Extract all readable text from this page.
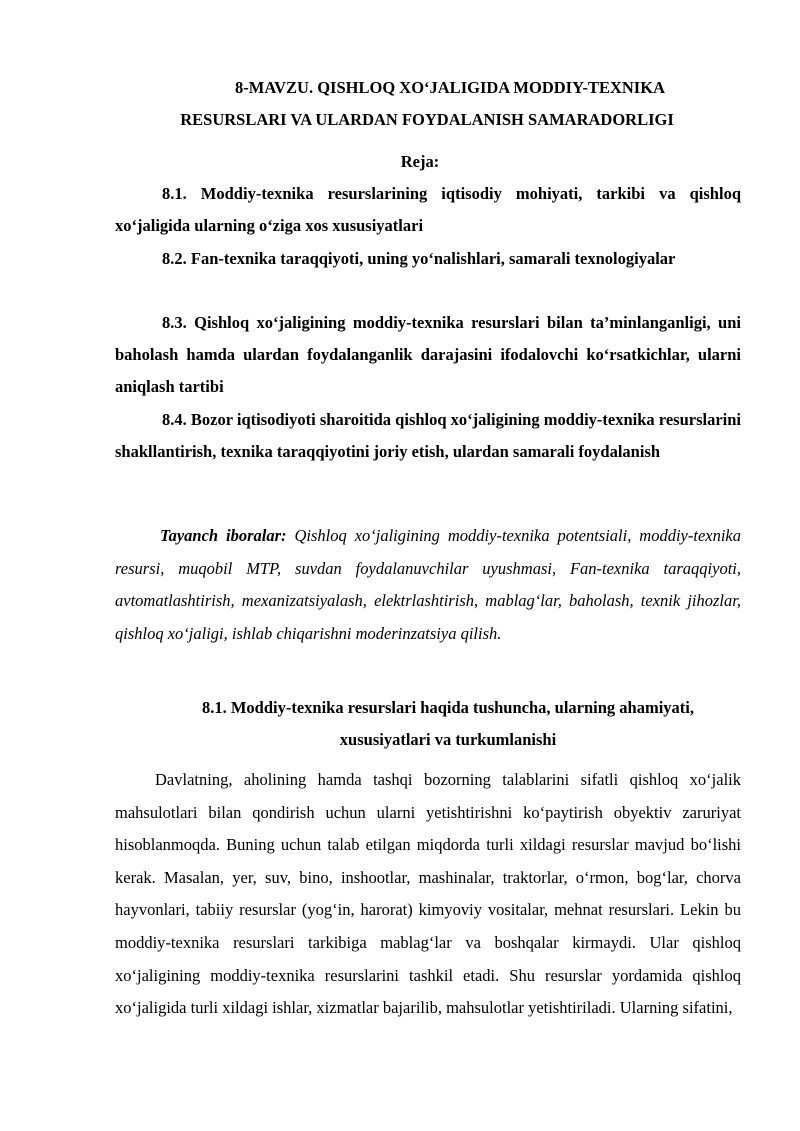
8-MAVZU. QISHLOQ XOʻJALIGIDA MODDIY-TEXNIKA
RESURSLARI VA ULARDAN FOYDALANISH SAMARADORLIGI
Reja:
8.1. Moddiy-texnika resurslarining iqtisodiy mohiyati, tarkibi va qishloq xoʻjaligida ularning oʻziga xos xususiyatlari
8.2. Fan-texnika taraqqiyoti, uning yoʻnalishlari, samarali texnologiyalar
8.3. Qishloq xoʻjaligining moddiy-texnika resurslari bilan ta’minlanganligi, uni baholash hamda ulardan foydalanganlik darajasini ifodalovchi koʻrsatkichlar, ularni aniqlash tartibi
8.4. Bozor iqtisodiyoti sharoitida qishloq xoʻjaligining moddiy-texnika resurslarini shakllantirish, texnika taraqqiyotini joriy etish, ulardan samarali foydalanish
Tayanch iboralar: Qishloq xoʻjaligining moddiy-texnika potentsiali, moddiy-texnika resursi, muqobil MTP, suvdan foydalanuvchilar uyushmasi, Fan-texnika taraqqiyoti, avtomatlashtirish, mexanizatsiyalash, elektrlashtirish, mablagʻlar, baholash, texnik jihozlar, qishloq xoʻjaligi, ishlab chiqarishni moderinzatsiya qilish.
8.1. Moddiy-texnika resurslari haqida tushuncha, ularning ahamiyati, xususiyatlari va turkumlanishi
Davlatning, aholining hamda tashqi bozorning talablarini sifatli qishloq xoʻjalik mahsulotlari bilan qondirish uchun ularni yetishtirishni koʻpaytirish obyektiv zaruriyat hisoblanmoqda. Buning uchun talab etilgan miqdorda turli xildagi resurslar mavjud boʻlishi kerak. Masalan, yer, suv, bino, inshootlar, mashinalar, traktorlar, oʻrmon, bogʻlar, chorva hayvonlari, tabiiy resurslar (yogʻin, harorat) kimyoviy vositalar, mehnat resurslari. Lekin bu moddiy-texnika resurslari tarkibiga mablagʻlar va boshqalar kirmaydi. Ular qishloq xoʻjaligining moddiy-texnika resurslarini tashkil etadi. Shu resurslar yordamida qishloq xoʻjaligida turli xildagi ishlar, xizmatlar bajarilib, mahsulotlar yetishtiriladi. Ularning sifatini,
